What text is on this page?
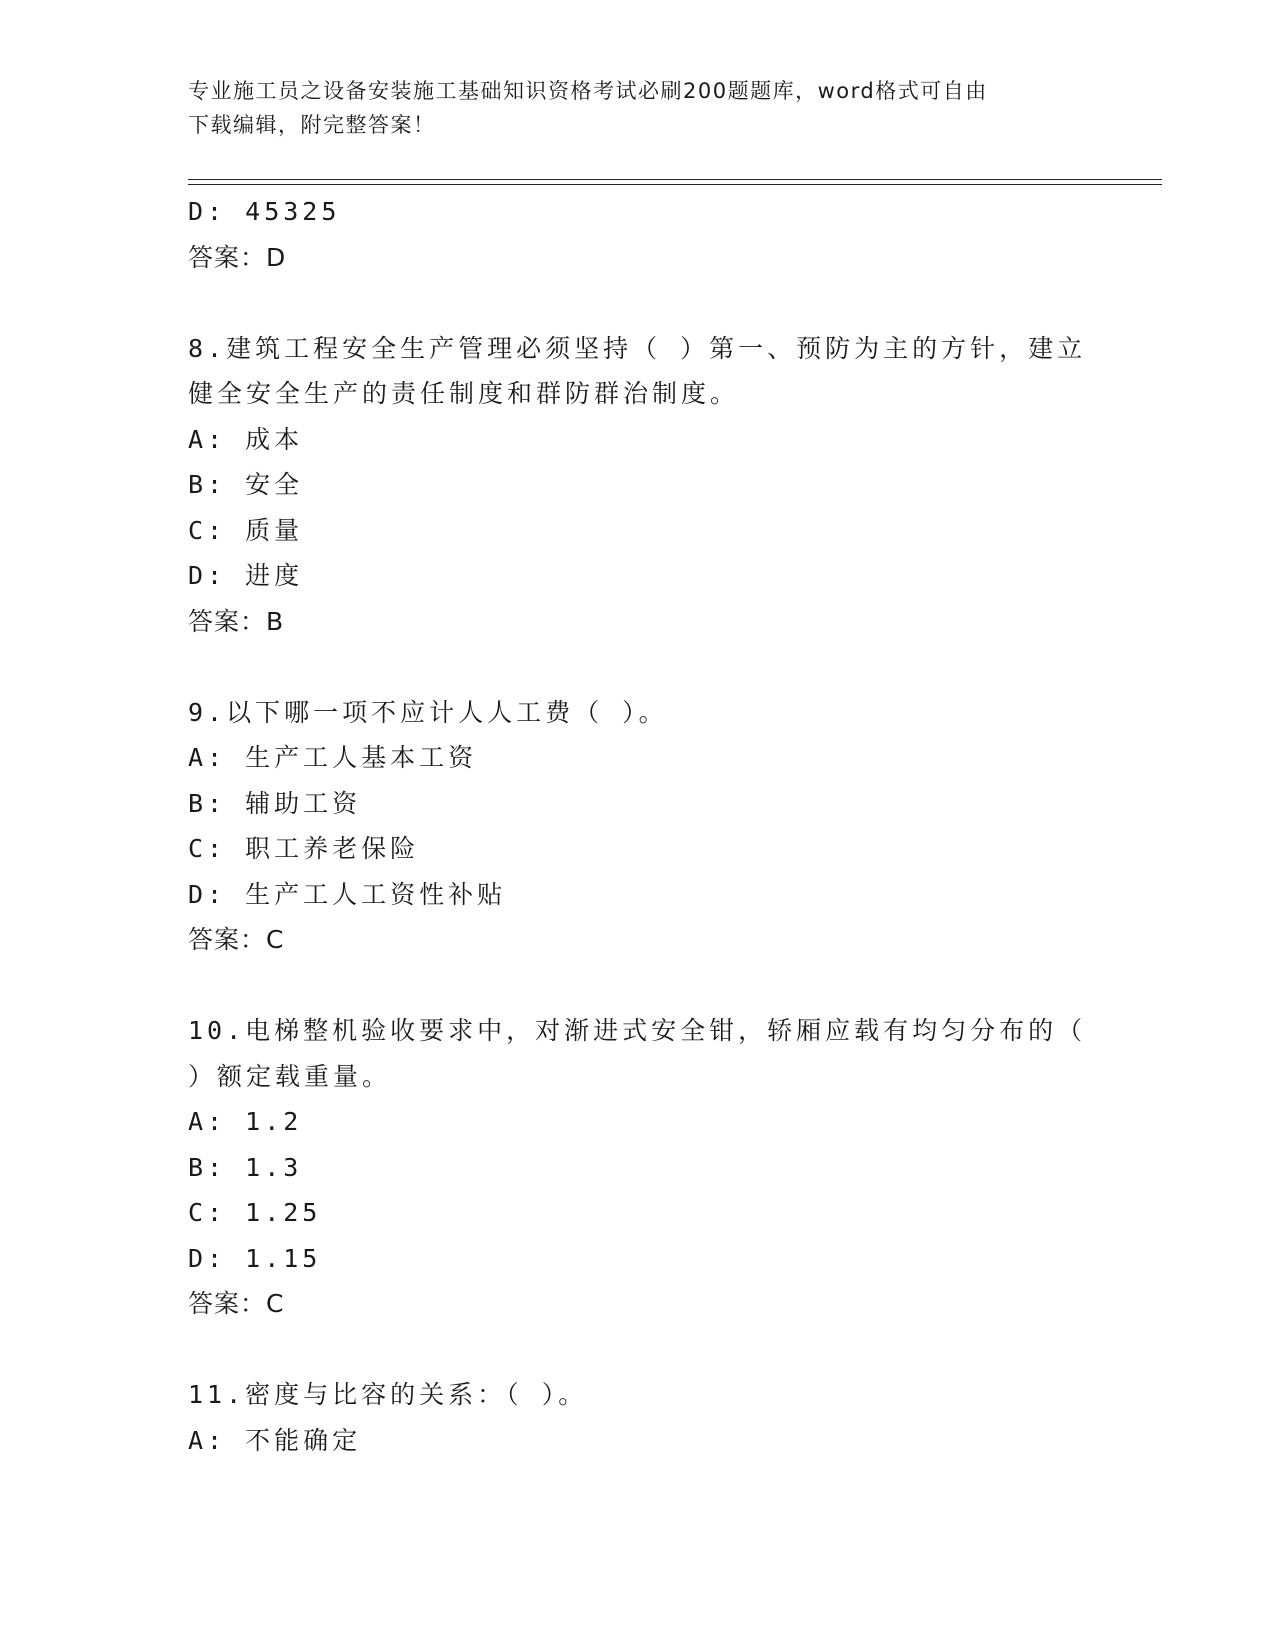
专业施工员之设备安装施工基础知识资格考试必刷200题题库，word格式可自由
下载编辑，附完整答案！
D: 45325
答案：D
8.建筑工程安全生产管理必须坚持（ ）第一、预防为主的方针，建立
健全安全生产的责任制度和群防群治制度。
A: 成本
B: 安全
C: 质量
D: 进度
答案：B
9.以下哪一项不应计人人工费（ ）。
A: 生产工人基本工资
B: 辅助工资
C: 职工养老保险
D: 生产工人工资性补贴
答案：C
10.电梯整机验收要求中，对渐进式安全钳，轿厢应载有均匀分布的（
）额定载重量。
A: 1.2
B: 1.3
C: 1.25
D: 1.15
答案：C
11.密度与比容的关系：（ ）。
A: 不能确定
